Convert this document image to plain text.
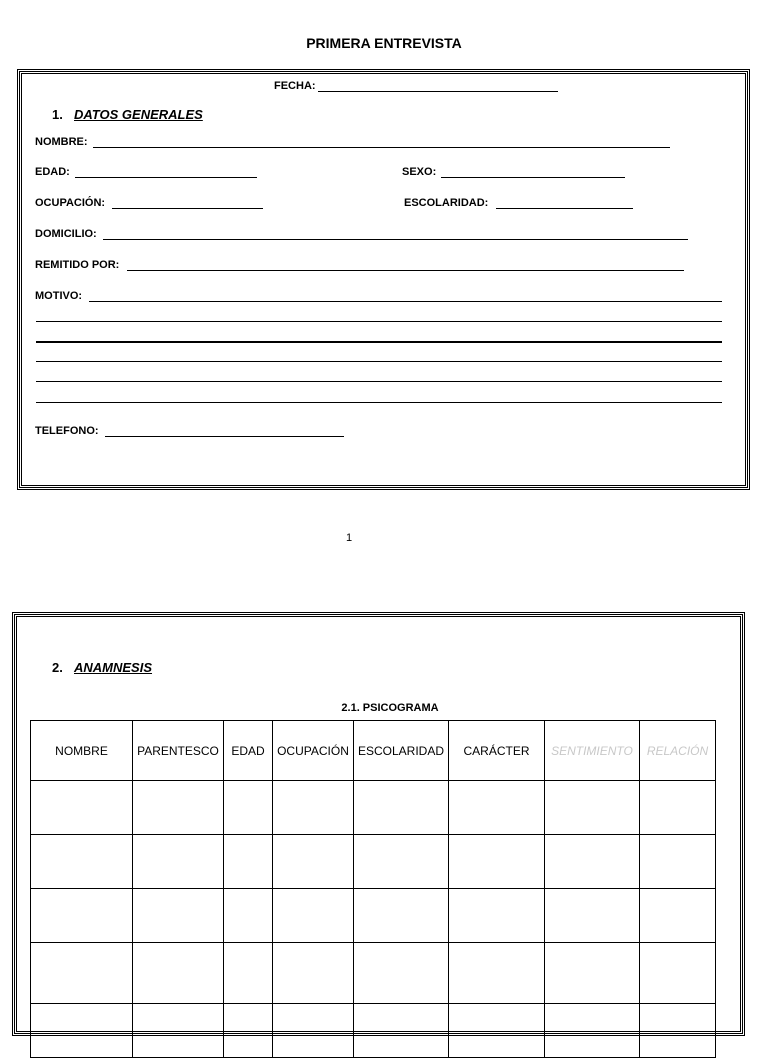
PRIMERA ENTREVISTA
FECHA:
1. DATOS GENERALES
NOMBRE:
EDAD:	SEXO:
OCUPACIÓN:	ESCOLARIDAD:
DOMICILIO:
REMITIDO POR:
MOTIVO:
TELEFONO:
1
2. ANAMNESIS
2.1. PSICOGRAMA
NOMBRE	PARENTESCO	EDAD	OCUPACIÓN	ESCOLARIDAD	CARÁCTER	SENTIMIENTO	RELACIÓN
